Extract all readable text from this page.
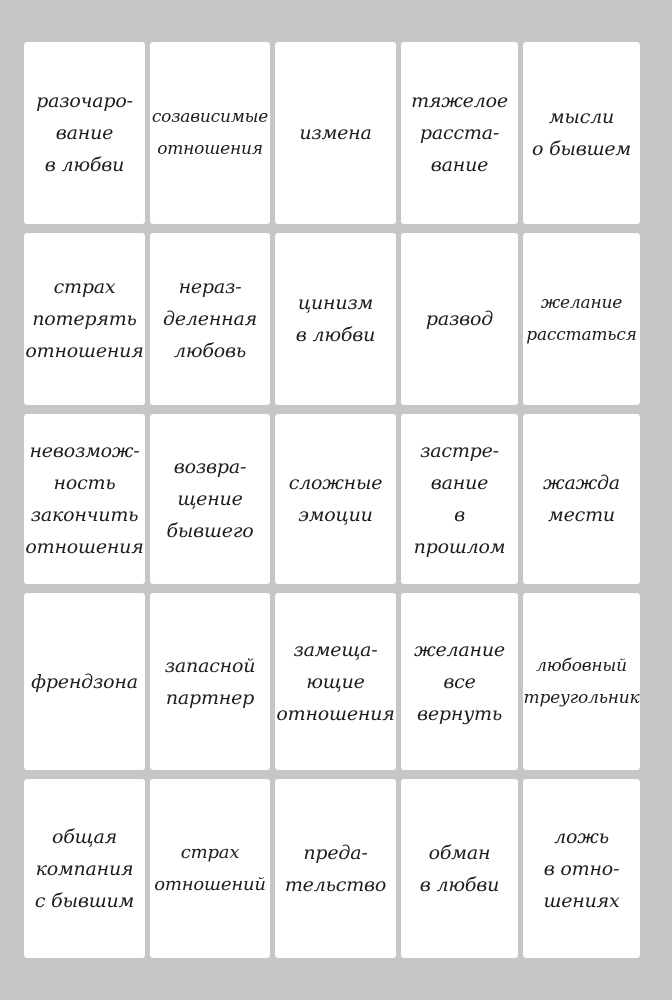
разочаро-
вание
в любви
созависимые
отношения
измена
тяжелое
расста-
вание
мысли
о бывшем
страх
потерять
отношения
нераз-
деленная
любовь
цинизм
в любви
развод
желание
расстаться
невозмож-
ность
закончить
отношения
возвра-
щение
бывшего
сложные
эмоции
застре-
вание
в прошлом
жажда
мести
френдзона
запасной
партнер
замеща-
ющие
отношения
желание
все
вернуть
любовный
треугольник
общая
компания
с бывшим
страх
отношений
преда-
тельство
обман
в любви
ложь
в отно-
шениях
